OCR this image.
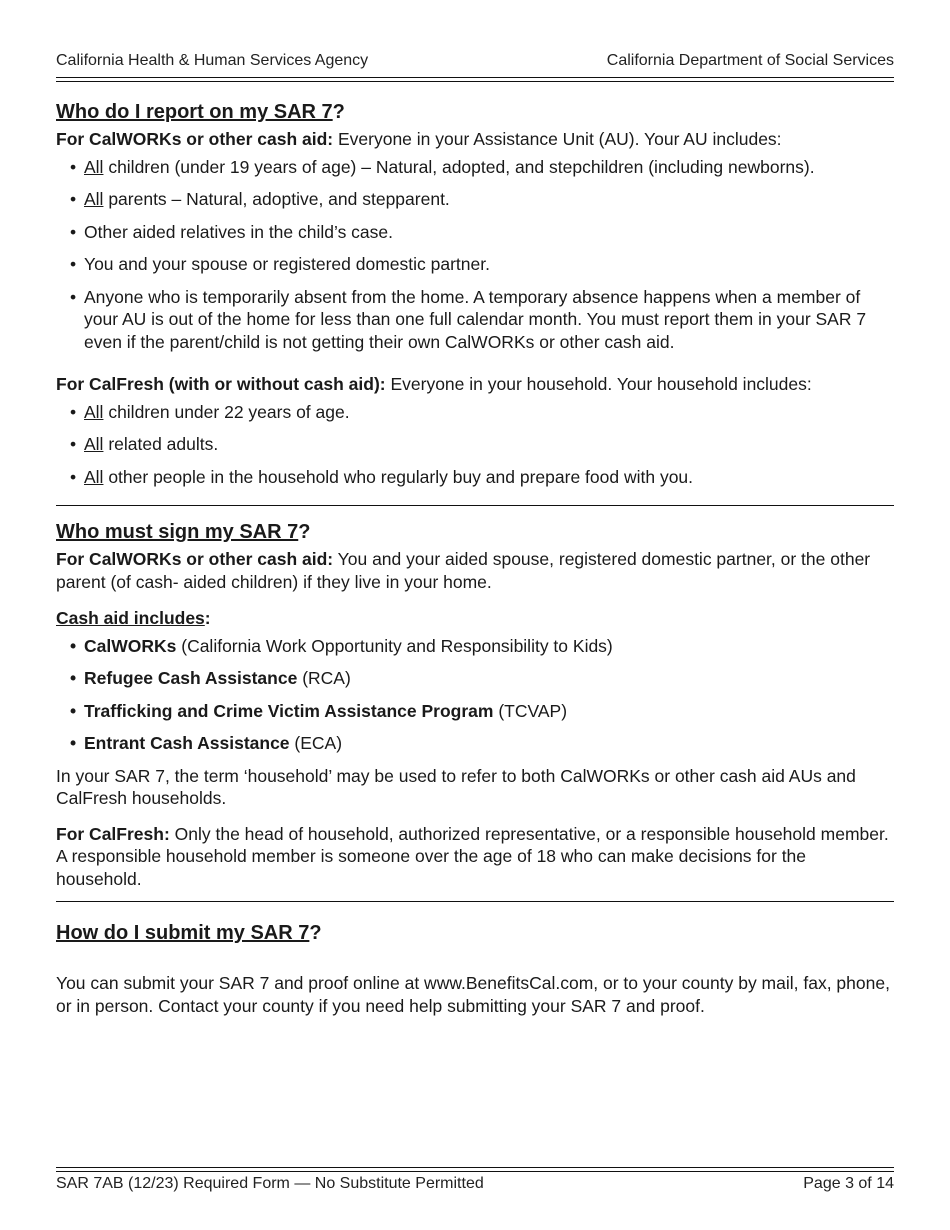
California Health & Human Services Agency	California Department of Social Services
Who do I report on my SAR 7?

For CalWORKs or other cash aid: Everyone in your Assistance Unit (AU). Your AU includes:

• All children (under 19 years of age) – Natural, adopted, and stepchildren (including newborns).
• All parents – Natural, adoptive, and stepparent.
• Other aided relatives in the child’s case.
• You and your spouse or registered domestic partner.
• Anyone who is temporarily absent from the home. A temporary absence happens when a member of your AU is out of the home for less than one full calendar month. You must report them in your SAR 7 even if the parent/child is not getting their own CalWORKs or other cash aid.

For CalFresh (with or without cash aid): Everyone in your household. Your household includes:

• All children under 22 years of age.
• All related adults.
• All other people in the household who regularly buy and prepare food with you.
Who must sign my SAR 7?

For CalWORKs or other cash aid: You and your aided spouse, registered domestic partner, or the other parent (of cash- aided children) if they live in your home.

Cash aid includes:

• CalWORKs (California Work Opportunity and Responsibility to Kids)
• Refugee Cash Assistance (RCA)
• Trafficking and Crime Victim Assistance Program (TCVAP)
• Entrant Cash Assistance (ECA)

In your SAR 7, the term ‘household’ may be used to refer to both CalWORKs or other cash aid AUs and CalFresh households.

For CalFresh: Only the head of household, authorized representative, or a responsible household member. A responsible household member is someone over the age of 18 who can make decisions for the household.

How do I submit my SAR 7?

You can submit your SAR 7 and proof online at www.BenefitsCal.com, or to your county by mail, fax, phone, or in person. Contact your county if you need help submitting your SAR 7 and proof.

SAR 7AB (12/23) Required Form — No Substitute Permitted	Page 3 of 14
